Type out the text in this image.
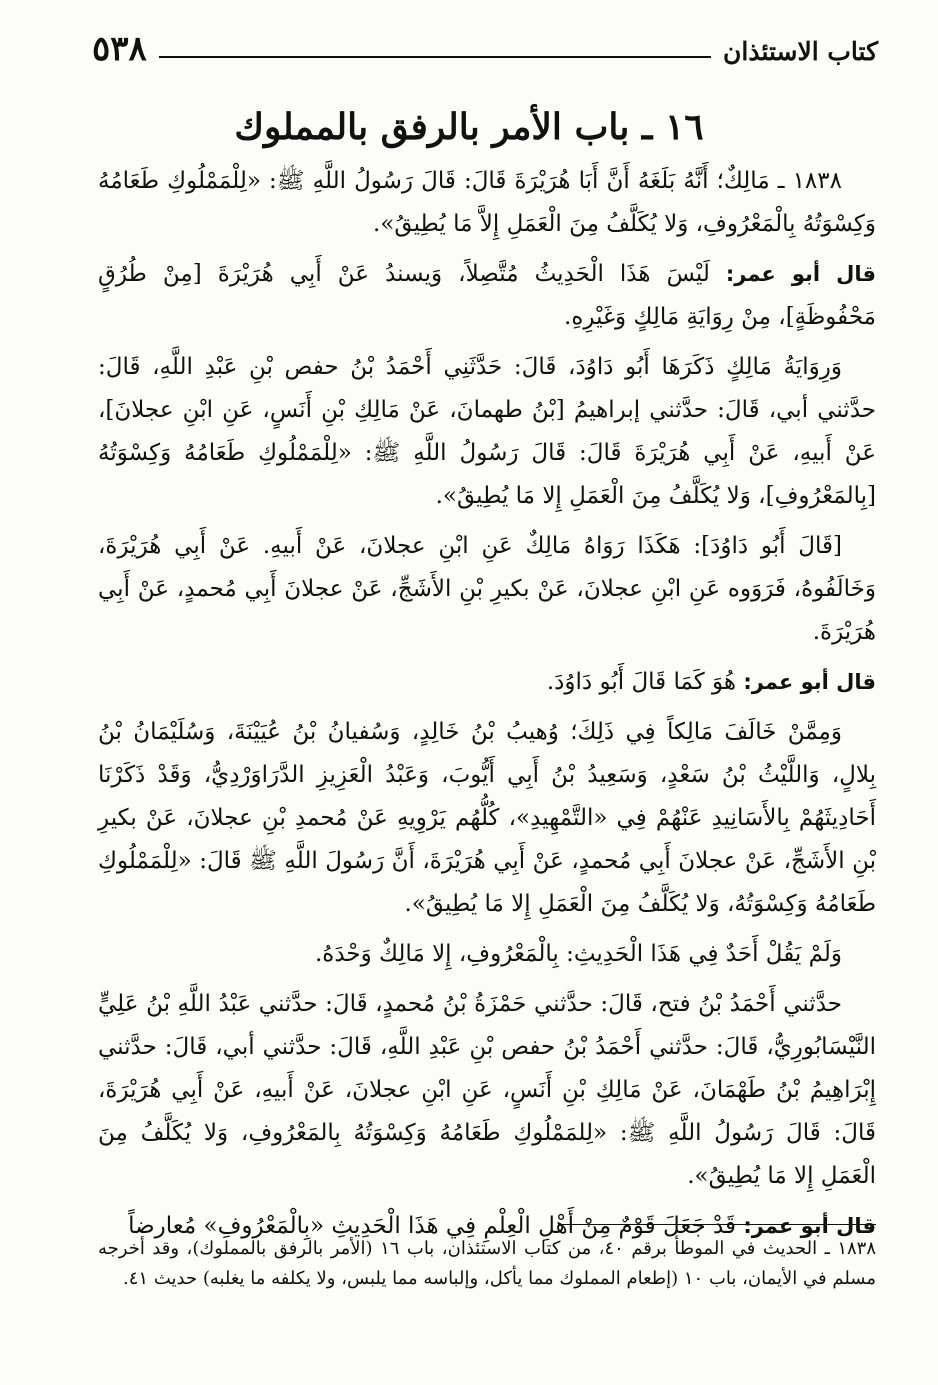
كتاب الاستئذان
٥٣٨
١٦ ـ باب الأمر بالرفق بالمملوك

١٨٣٨ ـ مَالِكٌ؛ أَنَّهُ بَلَغَهُ أَنَّ أَبَا هُرَيْرَةَ قَالَ: قَالَ رَسُولُ اللَّهِ ﷺ: «لِلْمَمْلُوكِ طَعَامُهُ وَكِسْوَتُهُ بِالْمَعْرُوفِ، وَلا يُكَلَّفُ مِنَ الْعَمَلِ إِلاَّ مَا يُطِيقُ».

قال أبو عمر: لَيْسَ هَذَا الْحَدِيثُ مُتَّصِلاً، وَيسندُ عَنْ أَبِي هُرَيْرَةَ [مِنْ طُرُقٍ مَحْفُوظَةٍ]، مِنْ رِوَايَةِ مَالِكٍ وَغَيْرِهِ.

وَرِوَايَةُ مَالِكٍ ذَكَرَهَا أَبُو دَاوُدَ، قَالَ: حَدَّثَنِي أَحْمَدُ بْنُ حفص بْنِ عَبْدِ اللَّهِ، قَالَ: حدَّثني أبي، قَالَ: حدَّثني إبراهيمُ [بْنُ طهمانَ، عَنْ مَالِكِ بْنِ أَنَسٍ، عَنِ ابْنِ عجلانَ]، عَنْ أَبيهِ، عَنْ أَبِي هُرَيْرَةَ قَالَ: قَالَ رَسُولُ اللَّهِ ﷺ: «لِلْمَمْلُوكِ طَعَامُهُ وَكِسْوَتُهُ [بِالمَعْرُوفِ]، وَلا يُكَلَّفُ مِنَ الْعَمَلِ إِلا مَا يُطِيقُ».

[قَالَ أَبُو دَاوُدَ]: هَكَذَا رَوَاهُ مَالِكٌ عَنِ ابْنِ عجلانَ، عَنْ أَبيهِ. عَنْ أَبِي هُرَيْرَةَ، وَخَالَفُوهُ، فَرَوَوه عَنِ ابْنِ عجلانَ، عَنْ بكيرِ بْنِ الأَشَجِّ، عَنْ عجلانَ أَبِي مُحمدٍ، عَنْ أَبِي هُرَيْرَةَ.

قال أبو عمر: هُوَ كَمَا قَالَ أَبُو دَاوُدَ.

وَمِمَّنْ خَالَفَ مَالِكاً فِي ذَلِكَ؛ وُهيبُ بْنُ خَالِدٍ، وَسُفيانُ بْنُ عُيَيْنَةَ، وَسُلَيْمَانُ بْنُ بِلالٍ، وَاللَّيْثُ بْنُ سَعْدٍ، وَسَعِيدُ بْنُ أَبِي أَيُّوبَ، وَعَبْدُ الْعَزِيزِ الدَّرَاوَرْدِيُّ، وَقَدْ ذَكَرْنَا أَحَادِيثَهُمْ بِالأَسَانِيدِ عَنْهُمْ فِي «التَّمْهِيدِ»، كُلُّهُم يَرْوِيهِ عَنْ مُحمدِ بْنِ عجلانَ، عَنْ بكيرِ بْنِ الأَشَجِّ، عَنْ عجلانَ أَبِي مُحمدٍ، عَنْ أَبِي هُرَيْرَةَ، أَنَّ رَسُولَ اللَّهِ ﷺ قَالَ: «لِلْمَمْلُوكِ طَعَامُهُ وَكِسْوَتُهُ، وَلا يُكَلَّفُ مِنَ الْعَمَلِ إِلا مَا يُطِيقُ».

وَلَمْ يَقُلْ أَحَدٌ فِي هَذَا الْحَدِيثِ: بِالْمَعْرُوفِ، إِلا مَالِكٌ وَحْدَهُ.

حدَّثني أَحْمَدُ بْنُ فتح، قَالَ: حدَّثني حَمْزَةُ بْنُ مُحمدٍ، قَالَ: حدَّثني عَبْدُ اللَّهِ بْنُ عَلِيٍّ النَّيْسَابُورِيُّ، قَالَ: حدَّثني أَحْمَدُ بْنُ حفص بْنِ عَبْدِ اللَّهِ، قَالَ: حدَّثني أبي، قَالَ: حدَّثني إِبْرَاهِيمُ بْنُ طَهْمَانَ، عَنْ مَالِكِ بْنِ أَنَسٍ، عَنِ ابْنِ عجلانَ، عَنْ أَبيهِ، عَنْ أَبِي هُرَيْرَةَ، قَالَ: قَالَ رَسُولُ اللَّهِ ﷺ: «لِلمَمْلُوكِ طَعَامُهُ وَكِسْوَتُهُ بِالمَعْرُوفِ، وَلا يُكَلَّفُ مِنَ الْعَمَلِ إِلا مَا يُطِيقُ».

قال أبو عمر: قَدْ جَعَلَ قَوْمٌ مِنْ أَهْلِ الْعِلْمِ فِي هَذَا الْحَدِيثِ «بِالْمَعْرُوفِ» مُعارضاً

١٨٣٨ ـ الحديث في الموطأ برقم ٤٠، من كتاب الاستئذان، باب ١٦ (الأمر بالرفق بالمملوك)، وقد أخرجه مسلم في الأيمان، باب ١٠ (إطعام المملوك مما يأكل، وإلباسه مما يلبس، ولا يكلفه ما يغلبه) حديث ٤١.
